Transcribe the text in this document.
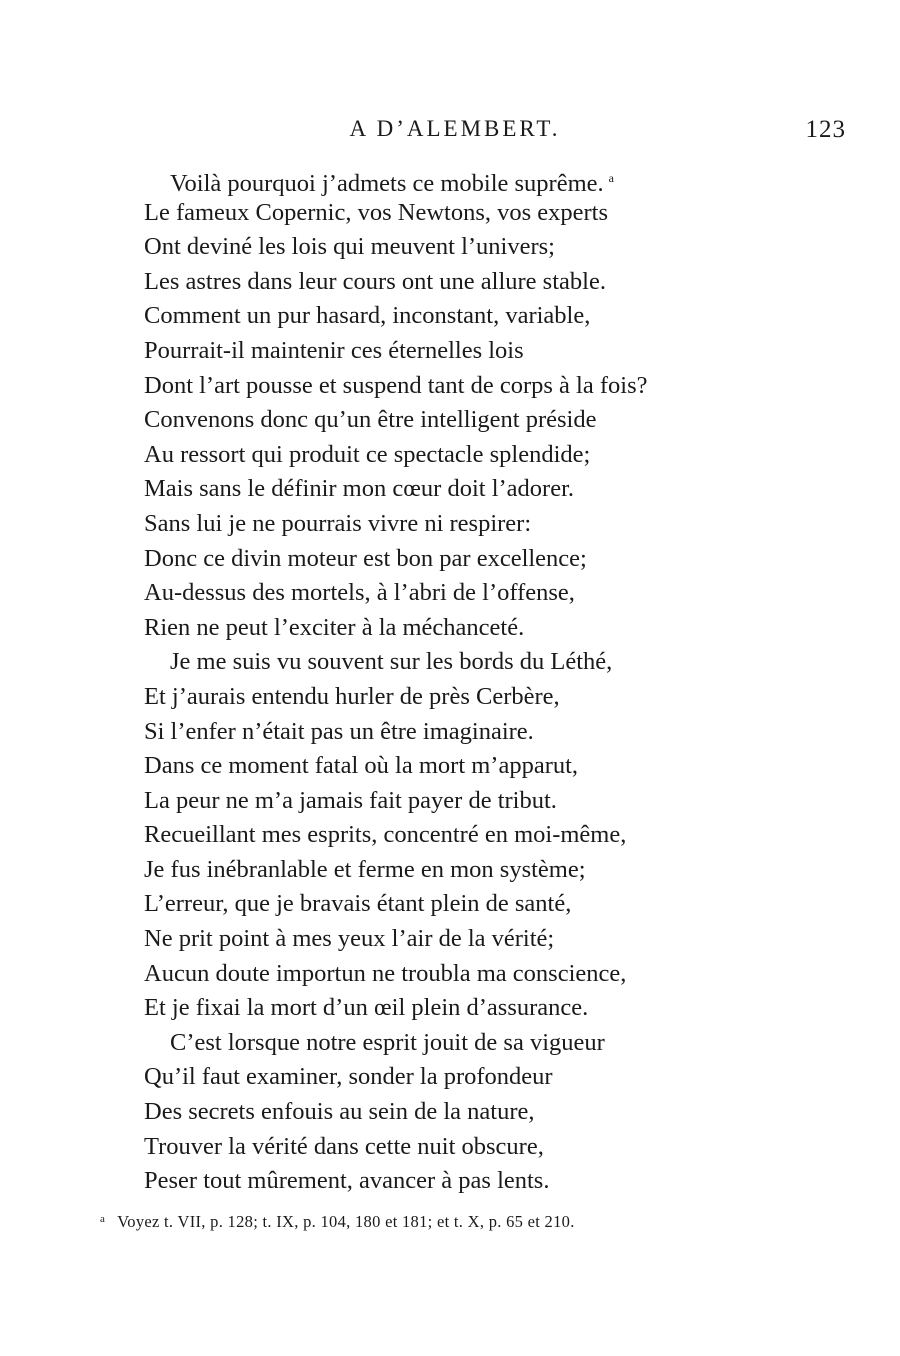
A D’ALEMBERT.	123
Voilà pourquoi j’admets ce mobile suprême. $^a$
Le fameux Copernic, vos Newtons, vos experts
Ont deviné les lois qui meuvent l’univers;
Les astres dans leur cours ont une allure stable.
Comment un pur hasard, inconstant, variable,
Pourrait-il maintenir ces éternelles lois
Dont l’art pousse et suspend tant de corps à la fois?
Convenons donc qu’un être intelligent préside
Au ressort qui produit ce spectacle splendide;
Mais sans le définir mon cœur doit l’adorer.
Sans lui je ne pourrais vivre ni respirer:
Donc ce divin moteur est bon par excellence;
Au-dessus des mortels, à l’abri de l’offense,
Rien ne peut l’exciter à la méchanceté.
Je me suis vu souvent sur les bords du Léthé,
Et j’aurais entendu hurler de près Cerbère,
Si l’enfer n’était pas un être imaginaire.
Dans ce moment fatal où la mort m’apparut,
La peur ne m’a jamais fait payer de tribut.
Recueillant mes esprits, concentré en moi-même,
Je fus inébranlable et ferme en mon système;
L’erreur, que je bravais étant plein de santé,
Ne prit point à mes yeux l’air de la vérité;
Aucun doute importun ne troubla ma conscience,
Et je fixai la mort d’un œil plein d’assurance.
C’est lorsque notre esprit jouit de sa vigueur
Qu’il faut examiner, sonder la profondeur
Des secrets enfouis au sein de la nature,
Trouver la vérité dans cette nuit obscure,
Peser tout mûrement, avancer à pas lents.
$^a$ Voyez t. VII, p. 128; t. IX, p. 104, 180 et 181; et t. X, p. 65 et 210.
